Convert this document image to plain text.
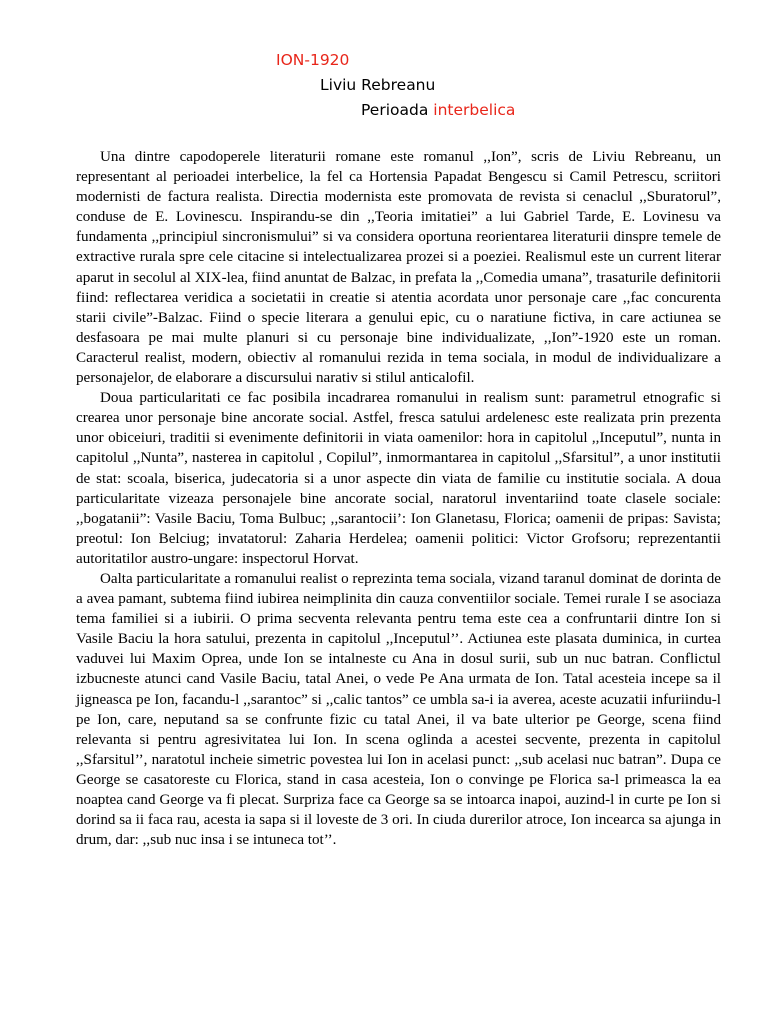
ION-1920
Liviu Rebreanu
Perioada interbelica

Una dintre capodoperele literaturii romane este romanul ,,Ion”, scris de Liviu Rebreanu, un representant al perioadei interbelice, la fel ca Hortensia Papadat Bengescu si Camil Petrescu, scriitori modernisti de factura realista. Directia modernista este promovata de revista si cenaclul ,,Sburatorul”, conduse de E. Lovinescu. Inspirandu-se din ,,Teoria imitatiei” a lui Gabriel Tarde, E. Lovinesu va fundamenta ,,principiul sincronismului” si va considera oportuna reorientarea literaturii dinspre temele de extractive rurala spre cele citacine si intelectualizarea prozei si a poeziei. Realismul este un current literar aparut in secolul al XIX-lea, fiind anuntat de Balzac, in prefata la ,,Comedia umana”, trasaturile definitorii fiind: reflectarea veridica a societatii in creatie si atentia acordata unor personaje care ,,fac concurenta starii civile”-Balzac. Fiind o specie literara a genului epic, cu o naratiune fictiva, in care actiunea se desfasoara pe mai multe planuri si cu personaje bine individualizate, ,,Ion”-1920 este un roman. Caracterul realist, modern, obiectiv al romanului rezida in tema sociala, in modul de individualizare a personajelor, de elaborare a discursului narativ si stilul anticalofil.

Doua particularitati ce fac posibila incadrarea romanului in realism sunt: parametrul etnografic si crearea unor personaje bine ancorate social. Astfel, fresca satului ardelenesc este realizata prin prezenta unor obiceiuri, traditii si evenimente definitorii in viata oamenilor: hora in capitolul ,,Inceputul”, nunta in capitolul ,,Nunta”, nasterea in capitolul , Copilul”, inmormantarea in capitolul ,,Sfarsitul”, a unor institutii de stat: scoala, biserica, judecatoria si a unor aspecte din viata de familie cu institutie sociala. A doua particularitate vizeaza personajele bine ancorate social, naratorul inventariind toate clasele sociale: ,,bogatanii”: Vasile Baciu, Toma Bulbuc; ,,sarantocii’: Ion Glanetasu, Florica; oamenii de pripas: Savista; preotul: Ion Belciug; invatatorul: Zaharia Herdelea; oamenii politici: Victor Grofsoru; reprezentantii autoritatilor austro-ungare: inspectorul Horvat.

Oalta particularitate a romanului realist o reprezinta tema sociala, vizand taranul dominat de dorinta de a avea pamant, subtema fiind iubirea neimplinita din cauza conventiilor sociale. Temei rurale I se asociaza tema familiei si a iubirii. O prima secventa relevanta pentru tema este cea a confruntarii dintre Ion si Vasile Baciu la hora satului, prezenta in capitolul ,,Inceputul’’. Actiunea este plasata duminica, in curtea vaduvei lui Maxim Oprea, unde Ion se intalneste cu Ana in dosul surii, sub un nuc batran. Conflictul izbucneste atunci cand Vasile Baciu, tatal Anei, o vede Pe Ana urmata de Ion. Tatal acesteia incepe sa il jigneasca pe Ion, facandu-l ,,sarantoc” si ,,calic tantos” ce umbla sa-i ia averea, aceste acuzatii infuriindu-l pe Ion, care, neputand sa se confrunte fizic cu tatal Anei, il va bate ulterior pe George, scena fiind relevanta si pentru agresivitatea lui Ion. In scena oglinda a acestei secvente, prezenta in capitolul ,,Sfarsitul’’, naratotul incheie simetric povestea lui Ion in acelasi punct: ,,sub acelasi nuc batran”. Dupa ce George se casatoreste cu Florica, stand in casa acesteia, Ion o convinge pe Florica sa-l primeasca la ea noaptea cand George va fi plecat. Surpriza face ca George sa se intoarca inapoi, auzind-l in curte pe Ion si dorind sa ii faca rau, acesta ia sapa si il loveste de 3 ori. In ciuda durerilor atroce, Ion incearca sa ajunga in drum, dar: ,,sub nuc insa i se intuneca tot’’.
